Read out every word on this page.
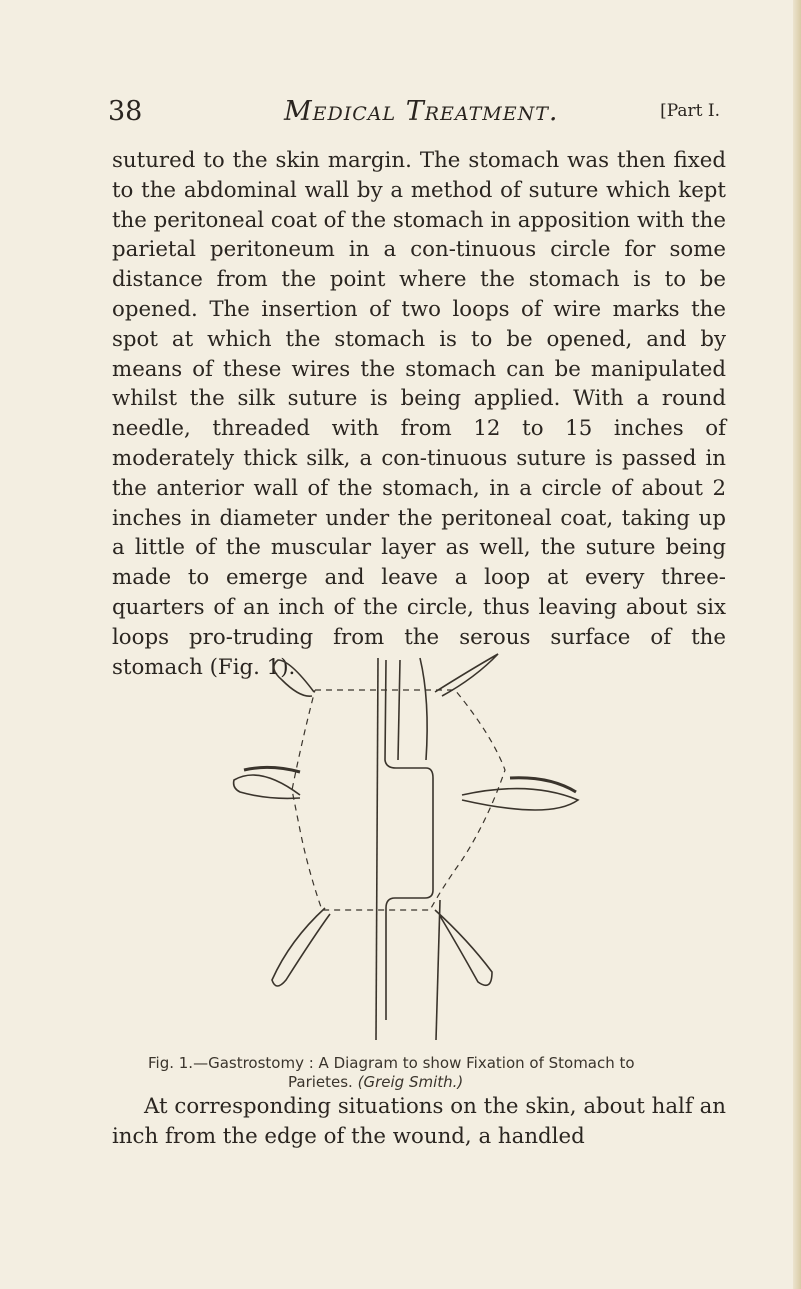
38	Medical Treatment.	[Part I.

sutured to the skin margin. The stomach was then fixed to the abdominal wall by a method of suture which kept the peritoneal coat of the stomach in apposition with the parietal peritoneum in a con-tinuous circle for some distance from the point where the stomach is to be opened. The insertion of two loops of wire marks the spot at which the stomach is to be opened, and by means of these wires the stomach can be manipulated whilst the silk suture is being applied. With a round needle, threaded with from 12 to 15 inches of moderately thick silk, a con-tinuous suture is passed in the anterior wall of the stomach, in a circle of about 2 inches in diameter under the peritoneal coat, taking up a little of the muscular layer as well, the suture being made to emerge and leave a loop at every three-quarters of an inch of the circle, thus leaving about six loops pro-truding from the serous surface of the stomach (Fig. 1).

Fig. 1.—Gastrostomy : A Diagram to show Fixation of Stomach to
Parietes. (Greig Smith.)

At corresponding situations on the skin, about half an inch from the edge of the wound, a handled
